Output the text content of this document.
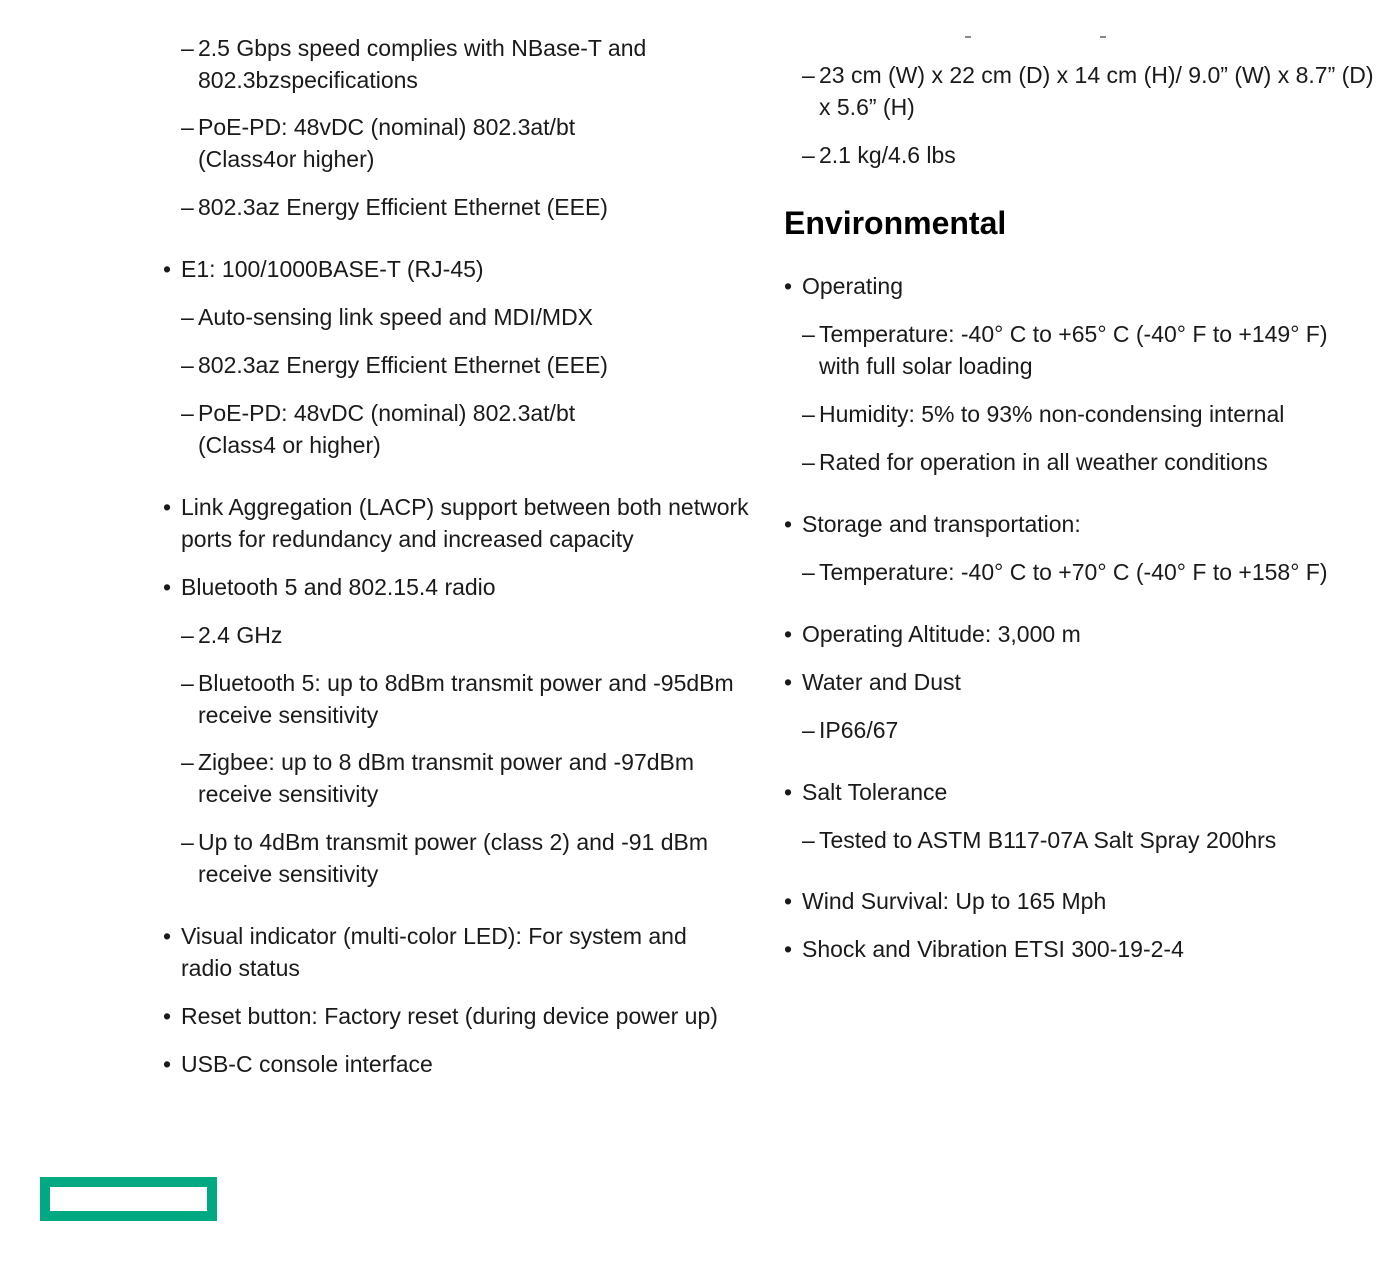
– 2.5 Gbps speed complies with NBase-T and 802.3bzspecifications
– PoE-PD: 48vDC (nominal) 802.3at/bt (Class4or higher)
– 802.3az Energy Efficient Ethernet (EEE)
• E1: 100/1000BASE-T (RJ-45)
– Auto-sensing link speed and MDI/MDX
– 802.3az Energy Efficient Ethernet (EEE)
– PoE-PD: 48vDC (nominal) 802.3at/bt (Class4 or higher)
• Link Aggregation (LACP) support between both network ports for redundancy and increased capacity
• Bluetooth 5 and 802.15.4 radio
– 2.4 GHz
– Bluetooth 5: up to 8dBm transmit power and -95dBm receive sensitivity
– Zigbee: up to 8 dBm transmit power and -97dBm receive sensitivity
– Up to 4dBm transmit power (class 2) and -91 dBm receive sensitivity
• Visual indicator (multi-color LED): For system and radio status
• Reset button: Factory reset (during device power up)
• USB-C console interface
– 23 cm (W) x 22 cm (D) x 14 cm (H)/ 9.0” (W) x 8.7” (D) x 5.6” (H)
– 2.1 kg/4.6 lbs
Environmental
• Operating
– Temperature: -40° C to +65° C (-40° F to +149° F) with full solar loading
– Humidity: 5% to 93% non-condensing internal
– Rated for operation in all weather conditions
• Storage and transportation:
– Temperature: -40° C to +70° C (-40° F to +158° F)
• Operating Altitude: 3,000 m
• Water and Dust
– IP66/67
• Salt Tolerance
– Tested to ASTM B117-07A Salt Spray 200hrs
• Wind Survival: Up to 165 Mph
• Shock and Vibration ETSI 300-19-2-4
